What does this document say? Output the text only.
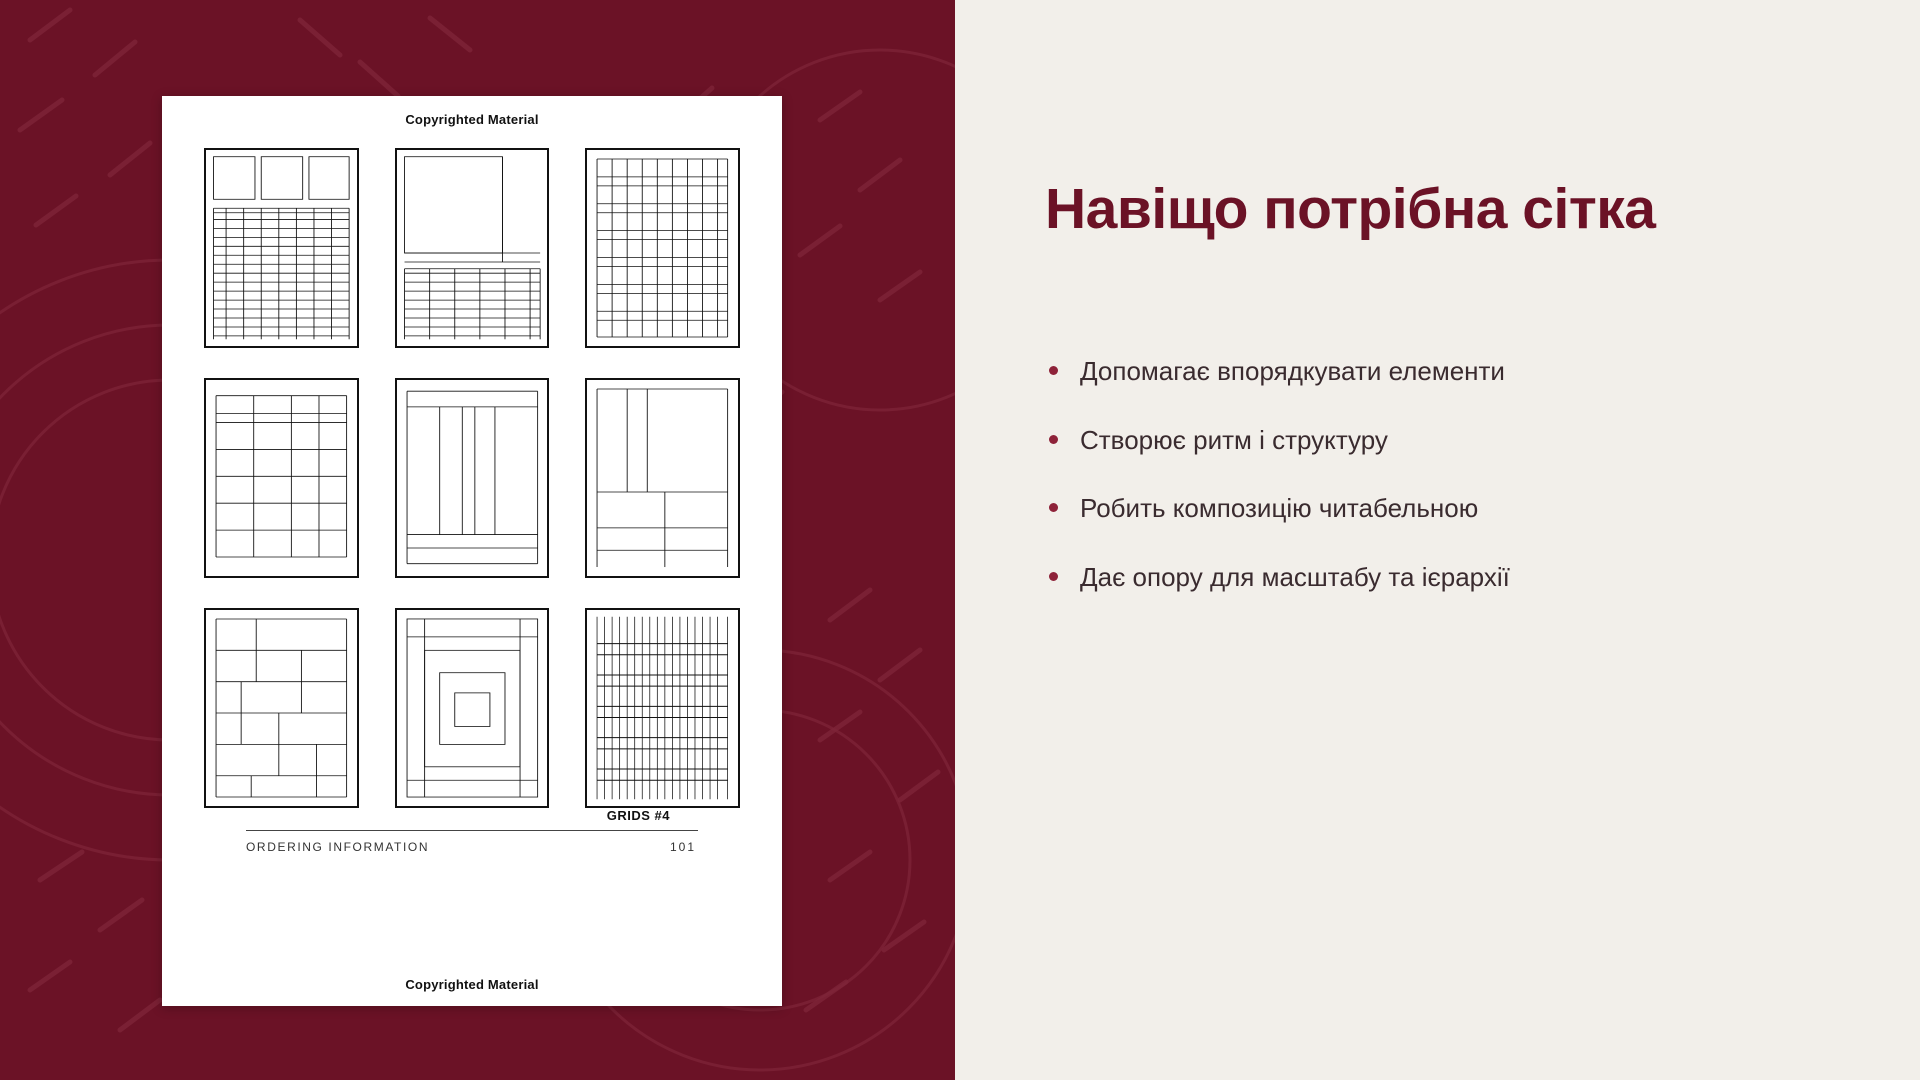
Copyrighted Material
GRIDS #4
ORDERING INFORMATION	101
Copyrighted Material
Навіщо потрібна сітка
Допомагає впорядкувати елементи
Створює ритм і структуру
Робить композицію читабельною
Дає опору для масштабу та ієрархії
